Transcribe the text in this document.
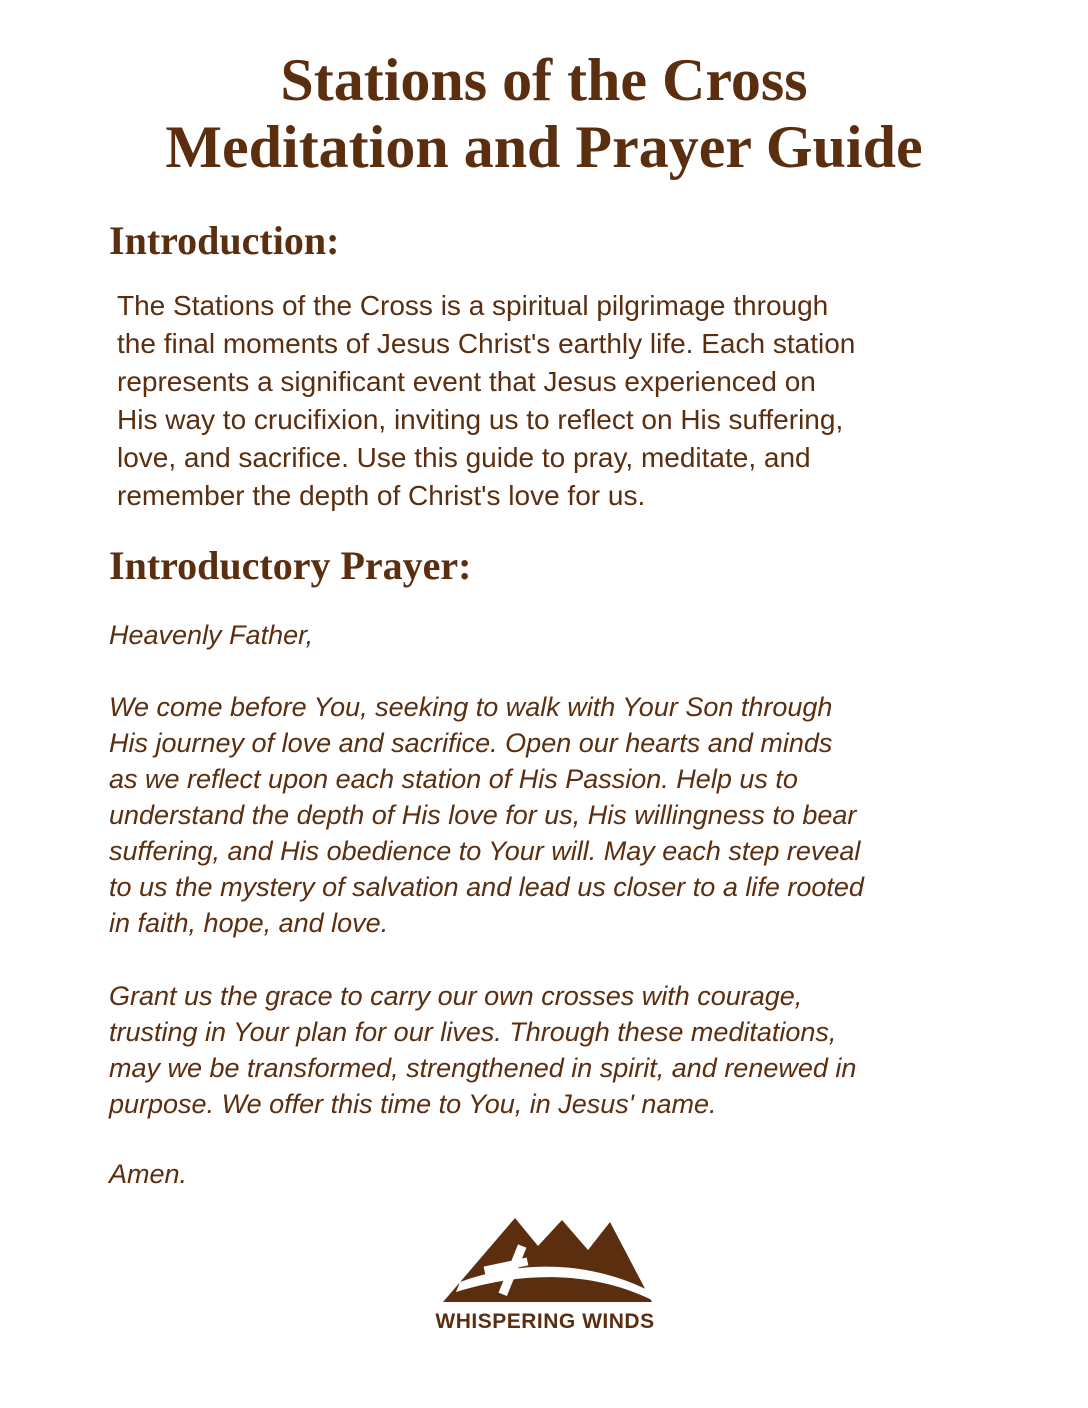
Stations of the Cross
Meditation and Prayer Guide
Introduction:

The Stations of the Cross is a spiritual pilgrimage through
the final moments of Jesus Christ's earthly life. Each station
represents a significant event that Jesus experienced on
His way to crucifixion, inviting us to reflect on His suffering,
love, and sacrifice. Use this guide to pray, meditate, and
remember the depth of Christ's love for us.

Introductory Prayer:

Heavenly Father,

We come before You, seeking to walk with Your Son through
His journey of love and sacrifice. Open our hearts and minds
as we reflect upon each station of His Passion. Help us to
understand the depth of His love for us, His willingness to bear
suffering, and His obedience to Your will. May each step reveal
to us the mystery of salvation and lead us closer to a life rooted
in faith, hope, and love.

Grant us the grace to carry our own crosses with courage,
trusting in Your plan for our lives. Through these meditations,
may we be transformed, strengthened in spirit, and renewed in
purpose. We offer this time to You, in Jesus' name.

Amen.

WHISPERING WINDS
